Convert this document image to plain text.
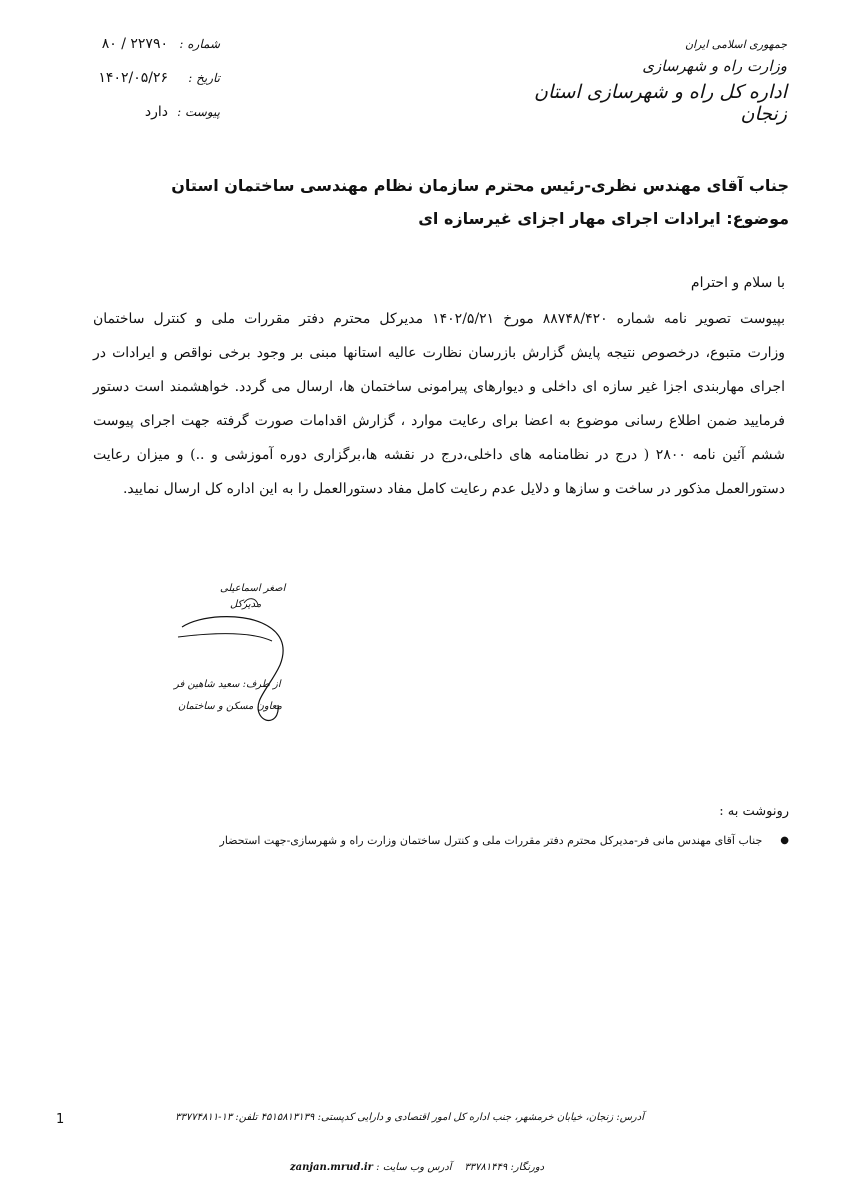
جمهوری اسلامی ایران
وزارت راه و شهرسازی
اداره کل راه و شهرسازی استان زنجان
شماره :
۸۰ / ۲۲۷۹۰
تاریخ :
۱۴۰۲/۰۵/۲۶
پیوست :
دارد
جناب آقای مهندس نظری-رئیس محترم سازمان نظام مهندسی ساختمان استان
موضوع: ایرادات اجرای مهار اجزای غیرسازه ای
با سلام و احترام
بپیوست تصویر نامه شماره ۸۸۷۴۸/۴۲۰ مورخ ۱۴۰۲/۵/۲۱ مدیرکل محترم دفتر مقررات ملی و کنترل ساختمان
وزارت متبوع، درخصوص نتیجه پایش گزارش بازرسان نظارت عالیه استانها مبنی بر وجود برخی نواقص و ایرادات در
اجرای مهاربندی اجزا غیر سازه ای داخلی و دیوارهای پیرامونی ساختمان ها، ارسال می گردد. خواهشمند است دستور
فرمایید ضمن اطلاع رسانی موضوع به اعضا برای رعایت موارد ، گزارش اقدامات صورت گرفته جهت اجرای پیوست
ششم آئین نامه ۲۸۰۰ ( درج در نظامنامه های داخلی،درج در نقشه ها،برگزاری دوره آموزشی و ..) و میزان رعایت
دستورالعمل مذکور در ساخت و سازها و دلایل عدم رعایت کامل مفاد دستورالعمل را به این اداره کل ارسال نمایید.
اصغر اسماعیلی
مدیرکل
از طرف: سعید شاهین فر
معاون مسکن و ساختمان
رونوشت به :
●
جناب آقای مهندس مانی فر-مدیرکل محترم دفتر مقررات ملی و کنترل ساختمان وزارت راه و شهرسازی-جهت استحضار
1	آدرس: زنجان، خیابان خرمشهر، جنب اداره کل امور اقتصادی و دارایی کدپستی: ۴۵۱۵۸۱۳۱۳۹ تلفن: ۱۳-۳۳۷۷۴۸۱۱
دورنگار: ۳۳۷۸۱۴۴۹    آدرس وب سایت : zanjan.mrud.ir
